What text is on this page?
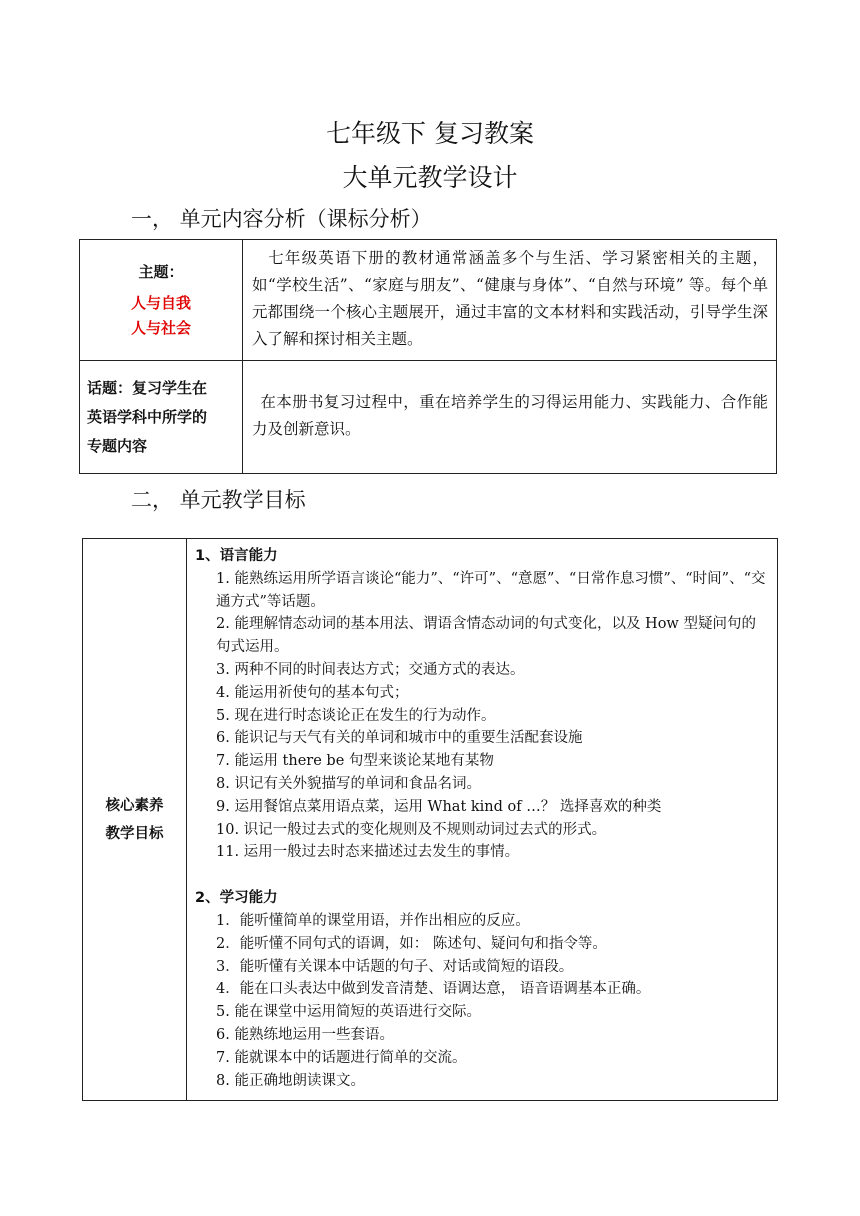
七年级下 复习教案
大单元教学设计
一， 单元内容分析（课标分析）
主题：
人与自我
人与社会	七年级英语下册的教材通常涵盖多个与生活、学习紧密相关的主题，如“学校生活”、“家庭与朋友”、“健康与身体”、“自然与环境” 等。每个单元都围绕一个核心主题展开，通过丰富的文本材料和实践活动，引导学生深入了解和探讨相关主题。

话题：复习学生在
英语学科中所学的
专题内容	在本册书复习过程中，重在培养学生的习得运用能力、实践能力、合作能力及创新意识。
二， 单元教学目标
核心素养
教学目标

1、语言能力
1. 能熟练运用所学语言谈论“能力”、“许可”、“意愿”、“日常作息习惯”、“时间”、“交通方式”等话题。
2. 能理解情态动词的基本用法、谓语含情态动词的句式变化，以及 How 型疑问句的句式运用。
3. 两种不同的时间表达方式；交通方式的表达。
4. 能运用祈使句的基本句式；
5. 现在进行时态谈论正在发生的行为动作。
6. 能识记与天气有关的单词和城市中的重要生活配套设施
7. 能运用 there be 句型来谈论某地有某物
8. 识记有关外貌描写的单词和食品名词。
9. 运用餐馆点菜用语点菜，运用 What kind of …？ 选择喜欢的种类
10. 识记一般过去式的变化规则及不规则动词过去式的形式。
11. 运用一般过去时态来描述过去发生的事情。
2、学习能力
1．能听懂简单的课堂用语，并作出相应的反应。
2．能听懂不同句式的语调，如： 陈述句、疑问句和指令等。
3．能听懂有关课本中话题的句子、对话或简短的语段。
4．能在口头表达中做到发音清楚、语调达意， 语音语调基本正确。
5. 能在课堂中运用简短的英语进行交际。
6. 能熟练地运用一些套语。
7. 能就课本中的话题进行简单的交流。
8. 能正确地朗读课文。
